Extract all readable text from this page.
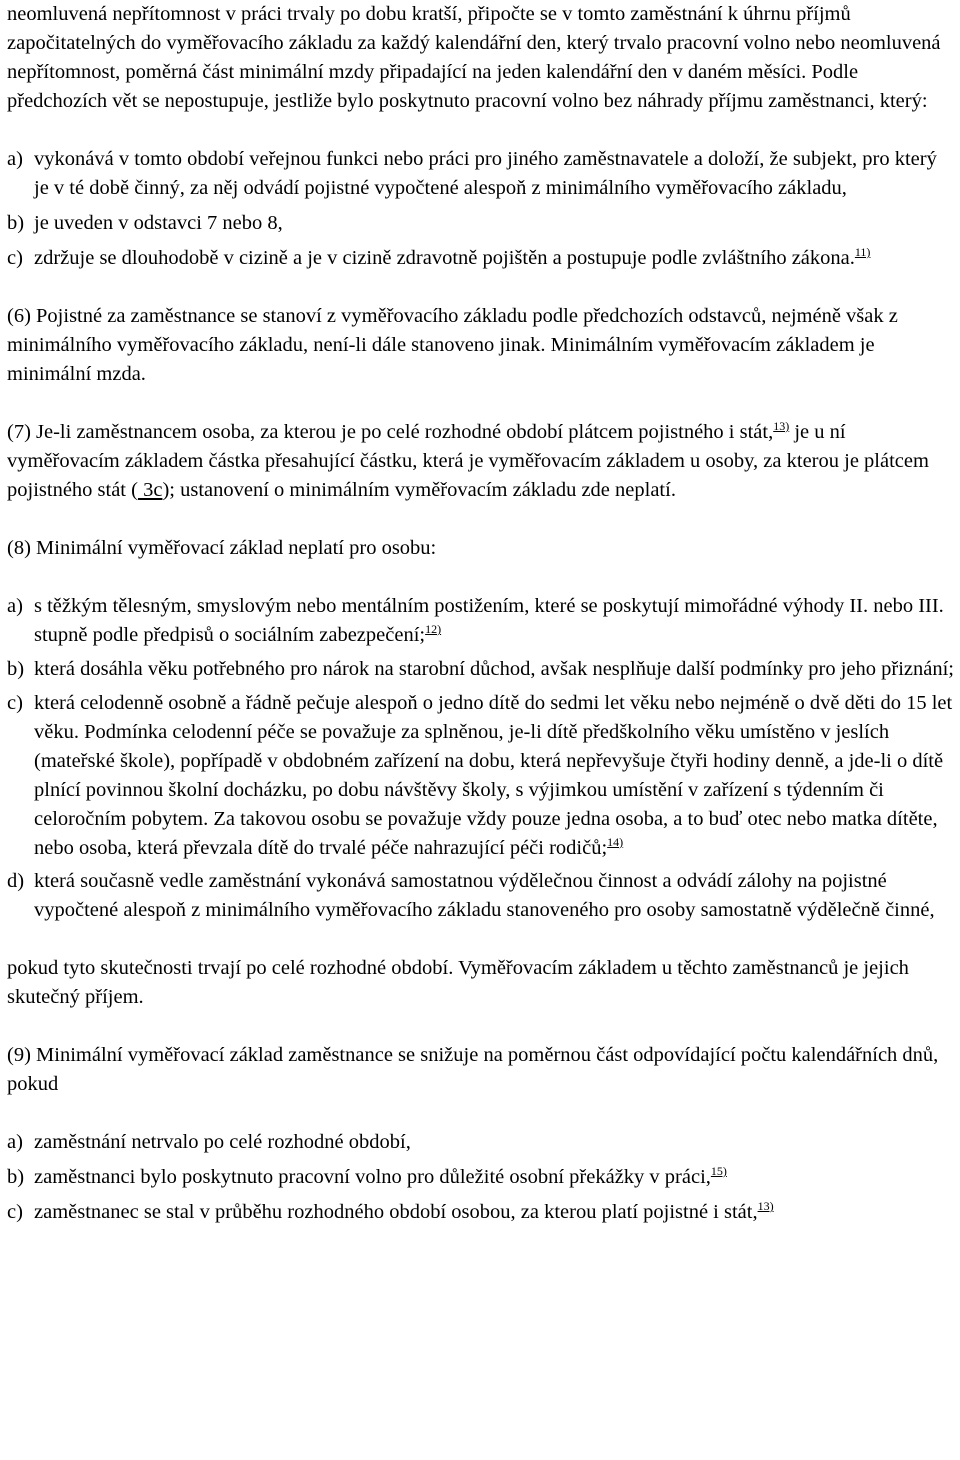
neomluvená nepřítomnost v práci trvaly po dobu kratší, připočte se v tomto zaměstnání k úhrnu příjmů započitatelných do vyměřovacího základu za každý kalendářní den, který trvalo pracovní volno nebo neomluvená nepřítomnost, poměrná část minimální mzdy připadající na jeden kalendářní den v daném měsíci. Podle předchozích vět se nepostupuje, jestliže bylo poskytnuto pracovní volno bez náhrady příjmu zaměstnanci, který:

a) vykonává v tomto období veřejnou funkci nebo práci pro jiného zaměstnavatele a doloží, že subjekt, pro který je v té době činný, za něj odvádí pojistné vypočtené alespoň z minimálního vyměřovacího základu,
b) je uveden v odstavci 7 nebo 8,
c) zdržuje se dlouhodobě v cizině a je v cizině zdravotně pojištěn a postupuje podle zvláštního zákona.$^{11)}$

(6) Pojistné za zaměstnance se stanoví z vyměřovacího základu podle předchozích odstavců, nejméně však z minimálního vyměřovacího základu, není-li dále stanoveno jinak. Minimálním vyměřovacím základem je minimální mzda.

(7) Je-li zaměstnancem osoba, za kterou je po celé rozhodné období plátcem pojistného i stát,$^{13)}$ je u ní vyměřovacím základem částka přesahující částku, která je vyměřovacím základem u osoby, za kterou je plátcem pojistného stát ( 3c); ustanovení o minimálním vyměřovacím základu zde neplatí.

(8) Minimální vyměřovací základ neplatí pro osobu:

a) s těžkým tělesným, smyslovým nebo mentálním postižením, které se poskytují mimořádné výhody II. nebo III. stupně podle předpisů o sociálním zabezpečení;$^{12)}$
b) která dosáhla věku potřebného pro nárok na starobní důchod, avšak nesplňuje další podmínky pro jeho přiznání;
c) která celodenně osobně a řádně pečuje alespoň o jedno dítě do sedmi let věku nebo nejméně o dvě děti do 15 let věku. Podmínka celodenní péče se považuje za splněnou, je-li dítě předškolního věku umístěno v jeslích (mateřské škole), popřípadě v obdobném zařízení na dobu, která nepřevyšuje čtyři hodiny denně, a jde-li o dítě plnící povinnou školní docházku, po dobu návštěvy školy, s výjimkou umístění v zařízení s týdenním či celoročním pobytem. Za takovou osobu se považuje vždy pouze jedna osoba, a to buď otec nebo matka dítěte, nebo osoba, která převzala dítě do trvalé péče nahrazující péči rodičů;$^{14)}$
d) která současně vedle zaměstnání vykonává samostatnou výdělečnou činnost a odvádí zálohy na pojistné vypočtené alespoň z minimálního vyměřovacího základu stanoveného pro osoby samostatně výdělečně činné,

pokud tyto skutečnosti trvají po celé rozhodné období. Vyměřovacím základem u těchto zaměstnanců je jejich skutečný příjem.

(9) Minimální vyměřovací základ zaměstnance se snižuje na poměrnou část odpovídající počtu kalendářních dnů, pokud

a) zaměstnání netrvalo po celé rozhodné období,
b) zaměstnanci bylo poskytnuto pracovní volno pro důležité osobní překážky v práci,$^{15)}$
c) zaměstnanec se stal v průběhu rozhodného období osobou, za kterou platí pojistné i stát,$^{13)}$
